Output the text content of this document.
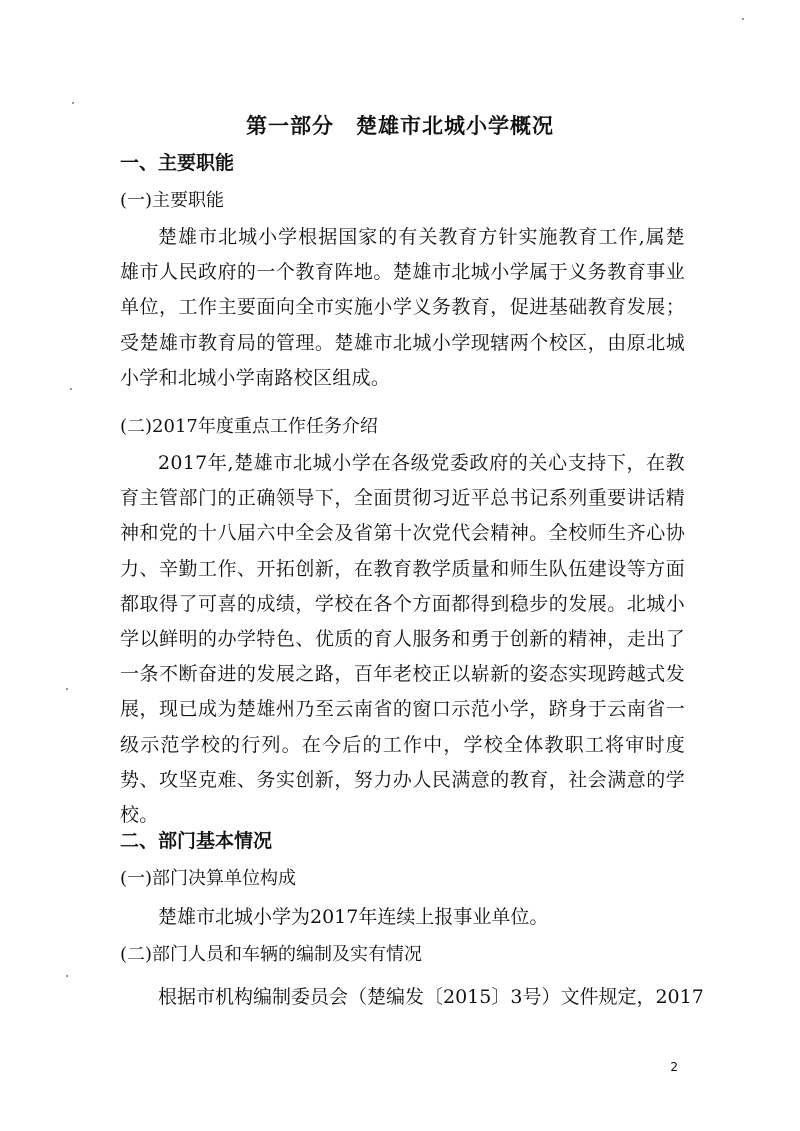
第一部分　楚雄市北城小学概况
一、主要职能
(一)主要职能
楚雄市北城小学根据国家的有关教育方针实施教育工作,属楚雄市人民政府的一个教育阵地。楚雄市北城小学属于义务教育事业单位，工作主要面向全市实施小学义务教育，促进基础教育发展；受楚雄市教育局的管理。楚雄市北城小学现辖两个校区，由原北城小学和北城小学南路校区组成。
(二)2017年度重点工作任务介绍
2017年,楚雄市北城小学在各级党委政府的关心支持下，在教育主管部门的正确领导下，全面贯彻习近平总书记系列重要讲话精神和党的十八届六中全会及省第十次党代会精神。全校师生齐心协力、辛勤工作、开拓创新，在教育教学质量和师生队伍建设等方面都取得了可喜的成绩，学校在各个方面都得到稳步的发展。北城小学以鲜明的办学特色、优质的育人服务和勇于创新的精神，走出了一条不断奋进的发展之路，百年老校正以崭新的姿态实现跨越式发展，现已成为楚雄州乃至云南省的窗口示范小学，跻身于云南省一级示范学校的行列。在今后的工作中，学校全体教职工将审时度势、攻坚克难、务实创新，努力办人民满意的教育，社会满意的学校。
二、部门基本情况
(一)部门决算单位构成
楚雄市北城小学为2017年连续上报事业单位。
(二)部门人员和车辆的编制及实有情况
根据市机构编制委员会（楚编发〔2015〕3号）文件规定，2017
2
